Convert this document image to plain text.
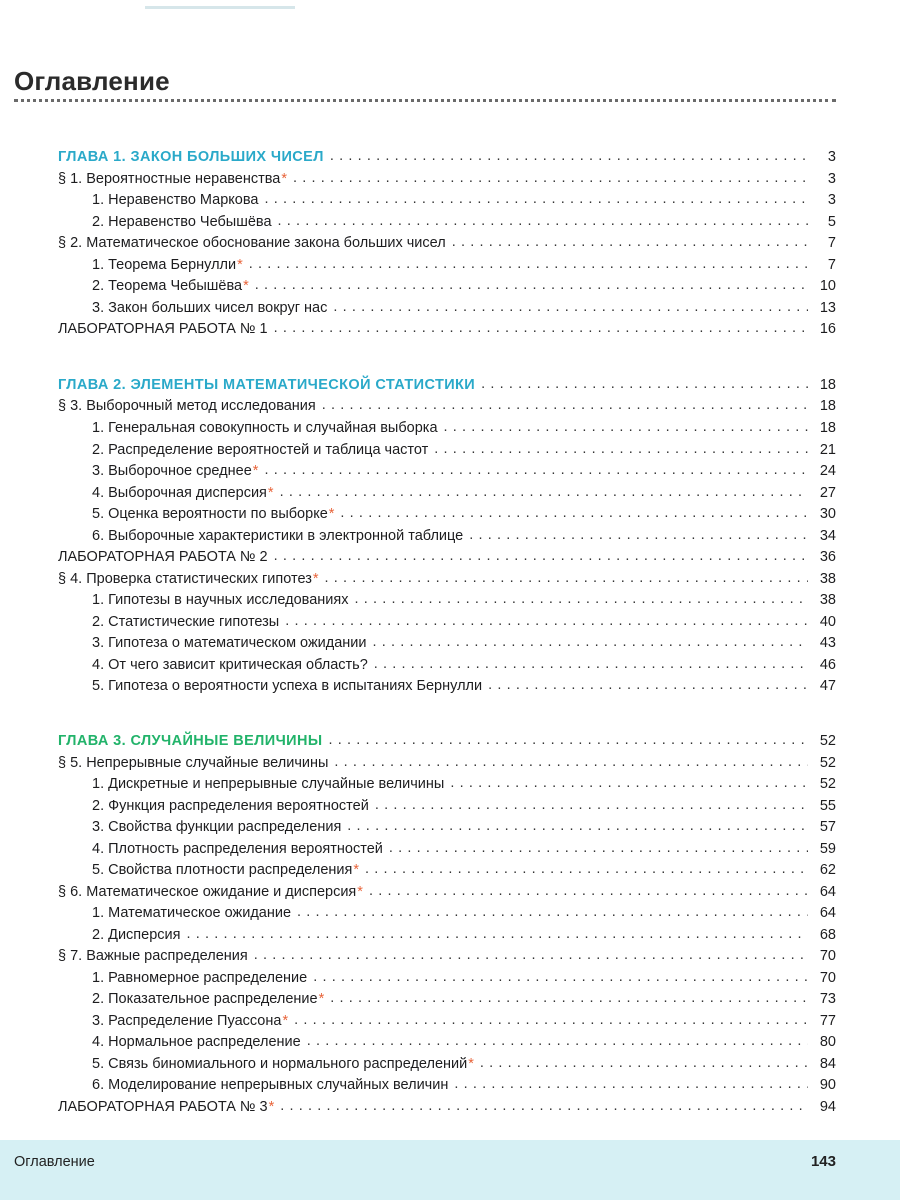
Оглавление
ГЛАВА 1. ЗАКОН БОЛЬШИХ ЧИСЕЛ . . .	3
§ 1. Вероятностные неравенства* . . .	3
1. Неравенство Маркова . . .	3
2. Неравенство Чебышёва . . .	5
§ 2. Математическое обоснование закона больших чисел . . .	7
1. Теорема Бернулли* . . .	7
2. Теорема Чебышёва* . . .	10
3. Закон больших чисел вокруг нас . . .	13
ЛАБОРАТОРНАЯ РАБОТА № 1 . . .	16
ГЛАВА 2. ЭЛЕМЕНТЫ МАТЕМАТИЧЕСКОЙ СТАТИСТИКИ . . .	18
§ 3. Выборочный метод исследования . . .	18
1. Генеральная совокупность и случайная выборка . . .	18
2. Распределение вероятностей и таблица частот . . .	21
3. Выборочное среднее* . . .	24
4. Выборочная дисперсия* . . .	27
5. Оценка вероятности по выборке* . . .	30
6. Выборочные характеристики в электронной таблице . . .	34
ЛАБОРАТОРНАЯ РАБОТА № 2 . . .	36
§ 4. Проверка статистических гипотез* . . .	38
1. Гипотезы в научных исследованиях . . .	38
2. Статистические гипотезы . . .	40
3. Гипотеза о математическом ожидании . . .	43
4. От чего зависит критическая область? . . .	46
5. Гипотеза о вероятности успеха в испытаниях Бернулли . . .	47
ГЛАВА 3. СЛУЧАЙНЫЕ ВЕЛИЧИНЫ . . .	52
§ 5. Непрерывные случайные величины . . .	52
1. Дискретные и непрерывные случайные величины . . .	52
2. Функция распределения вероятностей . . .	55
3. Свойства функции распределения . . .	57
4. Плотность распределения вероятностей . . .	59
5. Свойства плотности распределения* . . .	62
§ 6. Математическое ожидание и дисперсия* . . .	64
1. Математическое ожидание . . .	64
2. Дисперсия . . .	68
§ 7. Важные распределения . . .	70
1. Равномерное распределение . . .	70
2. Показательное распределение* . . .	73
3. Распределение Пуассона* . . .	77
4. Нормальное распределение . . .	80
5. Связь биномиального и нормального распределений* . . .	84
6. Моделирование непрерывных случайных величин . . .	90
ЛАБОРАТОРНАЯ РАБОТА № 3* . . .	94
Оглавление	143
